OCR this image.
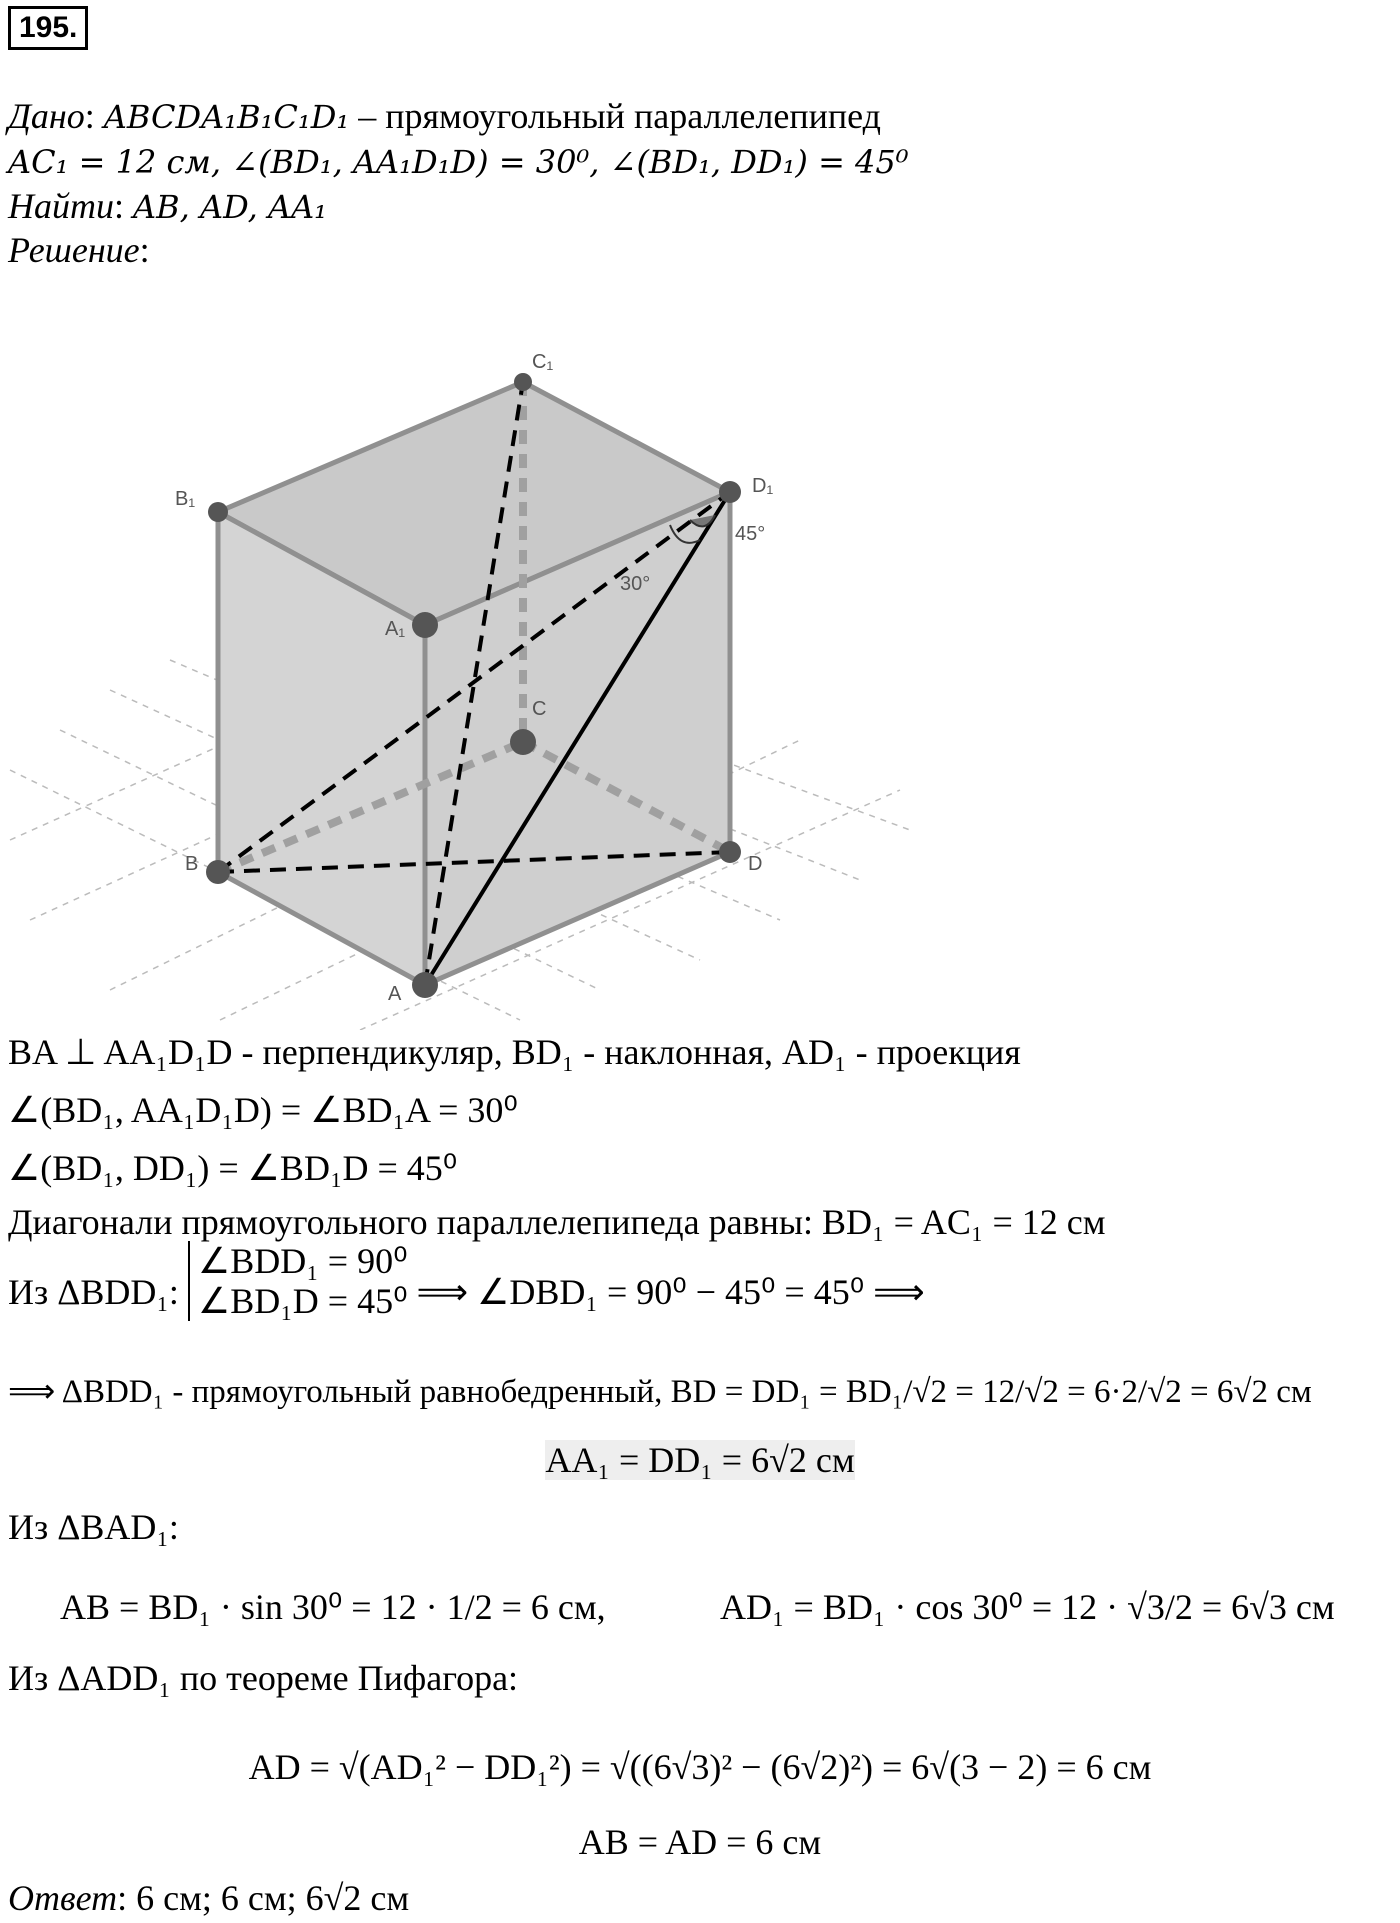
195.
Дано: ABCDA₁B₁C₁D₁ – прямоугольный параллелепипед
AC₁ = 12 см, ∠(BD₁, AA₁D₁D) = 30⁰, ∠(BD₁, DD₁) = 45⁰
Найти: AB, AD, AA₁
Решение:
C₁
B₁
D₁
A₁
C
B	D
A
45°
30°
BA ⊥ AA₁D₁D - перпендикуляр, BD₁ - наклонная, AD₁ - проекция
∠(BD₁, AA₁D₁D) = ∠BD₁A = 30⁰
∠(BD₁, DD₁) = ∠BD₁D = 45⁰
Диагонали прямоугольного параллелепипеда равны: BD₁ = AC₁ = 12 см
Из ΔBDD₁:
∠BDD₁ = 90⁰
∠BD₁D = 45⁰ ⟹ ∠DBD₁ = 90⁰ − 45⁰ = 45⁰ ⟹
⟹ ΔBDD₁ - прямоугольный равнобедренный, BD = DD₁ = BD₁/√2 = 12/√2 = 6·2/√2 = 6√2 см
AA₁ = DD₁ = 6√2 см
Из ΔBAD₁:
AB = BD₁ · sin 30⁰ = 12 · 1/2 = 6 см,	AD₁ = BD₁ · cos 30⁰ = 12 · √3/2 = 6√3 см
Из ΔADD₁ по теореме Пифагора:
AD = √(AD₁² − DD₁²) = √((6√3)² − (6√2)²) = 6√(3 − 2) = 6 см
AB = AD = 6 см
Ответ: 6 см; 6 см; 6√2 см
